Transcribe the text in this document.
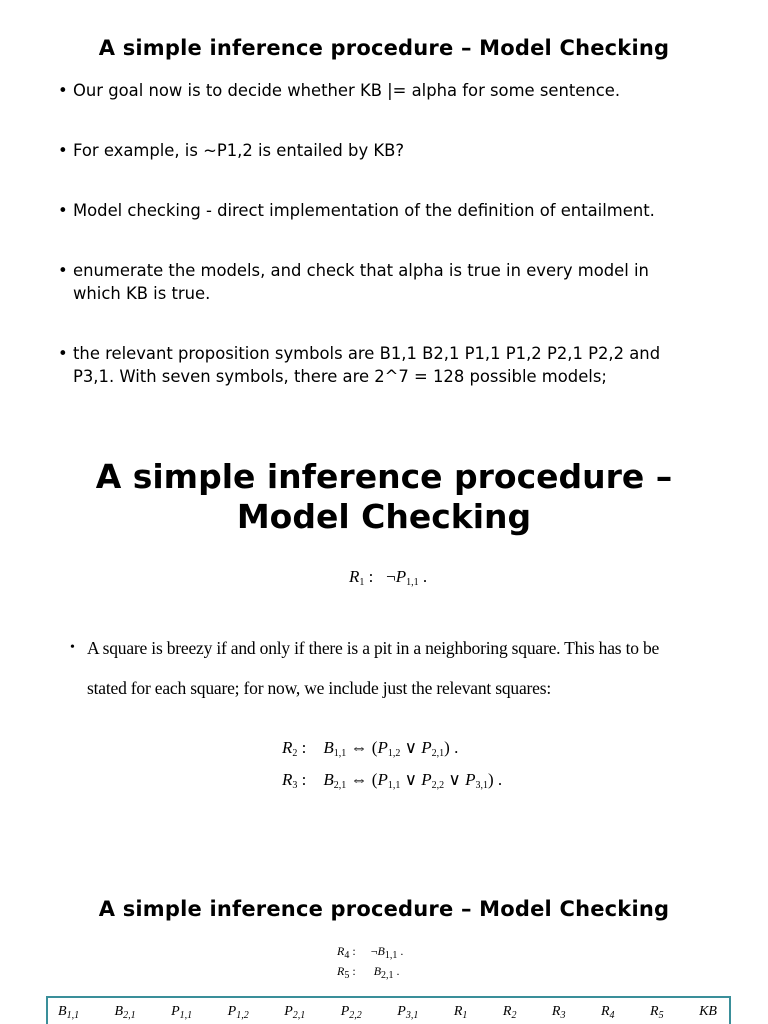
A simple inference procedure – Model Checking
• Our goal now is to decide whether KB |= alpha for some sentence.
• For example, is ~P1,2 is entailed by KB?
• Model checking - direct implementation of the definition of entailment.
• enumerate the models, and check that alpha is true in every model in
which KB is true.
• the relevant proposition symbols are B1,1 B2,1 P1,1 P1,2 P2,1 P2,2 and
P3,1. With seven symbols, there are 2^7 = 128 possible models;
A simple inference procedure –
Model Checking
$R_1$ : $\neg P_{1,1}$ .
• A square is breezy if and only if there is a pit in a neighboring square. This has to be
stated for each square; for now, we include just the relevant squares:
$R_2$ :    $B_{1,1}$ ⇔ ($P_{1,2}$ ∨ $P_{2,1}$) .
$R_3$ :    $B_{2,1}$ ⇔ ($P_{1,1}$ ∨ $P_{2,2}$ ∨ $P_{3,1}$) .
A simple inference procedure – Model Checking
$R_4$ :     $\neg B_{1,1}$ .
$R_5$ :      $B_{2,1}$ .
$B_{1,1}$	$B_{2,1}$	$P_{1,1}$	$P_{1,2}$	$P_{2,1}$	$P_{2,2}$	$P_{3,1}$	$R_1$	$R_2$	$R_3$	$R_4$	$R_5$	KB
